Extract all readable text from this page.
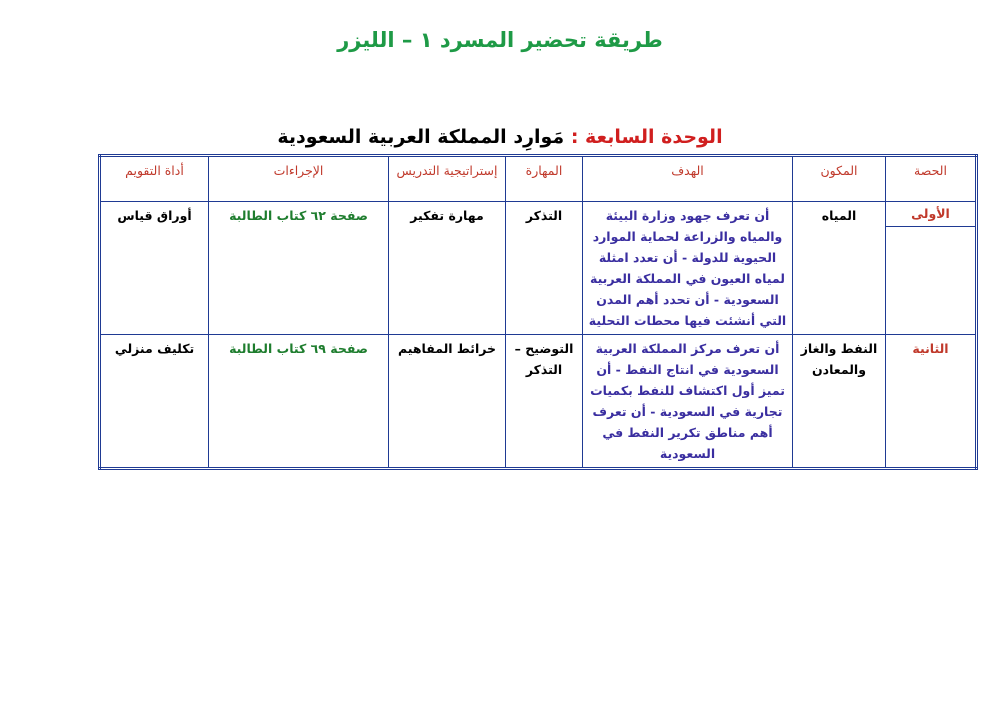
طريقة تحضير المسرد ١ – الليزر
الوحدة السابعة : مَوارِد المملكة العربية السعودية
الحصة	المكون	الهدف	المهارة	إستراتيجية التدريس	الإجراءات	أداة التقويم

الأولى	المياه	أن تعرف جهود وزارة البيئة والمياه والزراعة لحماية الموارد الحيوية للدولة - أن تعدد امثلة لمياه العيون في المملكة العربية السعودية - أن تحدد أهم المدن التي أنشئت فيها محطات التحلية	التذكر	مهارة تفكير	صفحة ٦٢ كتاب الطالبة	أوراق قياس
الثانية	النفط والغاز والمعادن	أن تعرف مركز المملكة العربية السعودية في انتاج النفط - أن تميز أول اكتشاف للنفط بكميات تجارية في السعودية - أن تعرف أهم مناطق تكرير النفط في السعودية	التوضيح – التذكر	خرائط المفاهيم	صفحة ٦٩ كتاب الطالبة	تكليف منزلي
